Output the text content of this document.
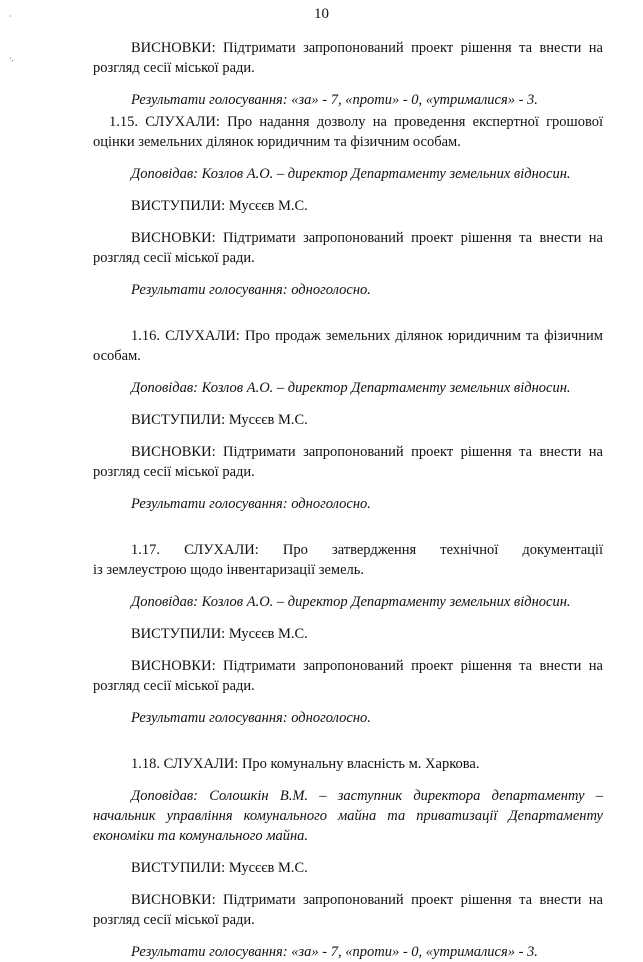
10
·
·.

ВИСНОВКИ: Підтримати запропонований проект рішення та внести на розгляд сесії міської ради.

Результати голосування: «за» - 7, «проти» - 0, «утрималися» - 3.

1.15. СЛУХАЛИ: Про надання дозволу на проведення експертної грошової оцінки земельних ділянок юридичним та фізичним особам.

Доповідав: Козлов А.О. – директор Департаменту земельних відносин.

ВИСТУПИЛИ: Мусєєв М.С.

ВИСНОВКИ: Підтримати запропонований проект рішення та внести на розгляд сесії міської ради.

Результати голосування: одноголосно.

1.16. СЛУХАЛИ: Про продаж земельних ділянок юридичним та фізичним особам.

Доповідав: Козлов А.О. – директор Департаменту земельних відносин.

ВИСТУПИЛИ: Мусєєв М.С.

ВИСНОВКИ: Підтримати запропонований проект рішення та внести на розгляд сесії міської ради.

Результати голосування: одноголосно.

1.17. СЛУХАЛИ: Про затвердження технічної документації

із землеустрою щодо інвентаризації земель.

Доповідав: Козлов А.О. – директор Департаменту земельних відносин.

ВИСТУПИЛИ: Мусєєв М.С.

ВИСНОВКИ: Підтримати запропонований проект рішення та внести на розгляд сесії міської ради.

Результати голосування: одноголосно.

1.18. СЛУХАЛИ: Про комунальну власність м. Харкова.

Доповідав: Солошкін В.М. – заступник директора департаменту – начальник управління комунального майна та приватизації Департаменту економіки та комунального майна.

ВИСТУПИЛИ: Мусєєв М.С.

ВИСНОВКИ: Підтримати запропонований проект рішення та внести на розгляд сесії міської ради.

Результати голосування: «за» - 7, «проти» - 0, «утрималися» - 3.
